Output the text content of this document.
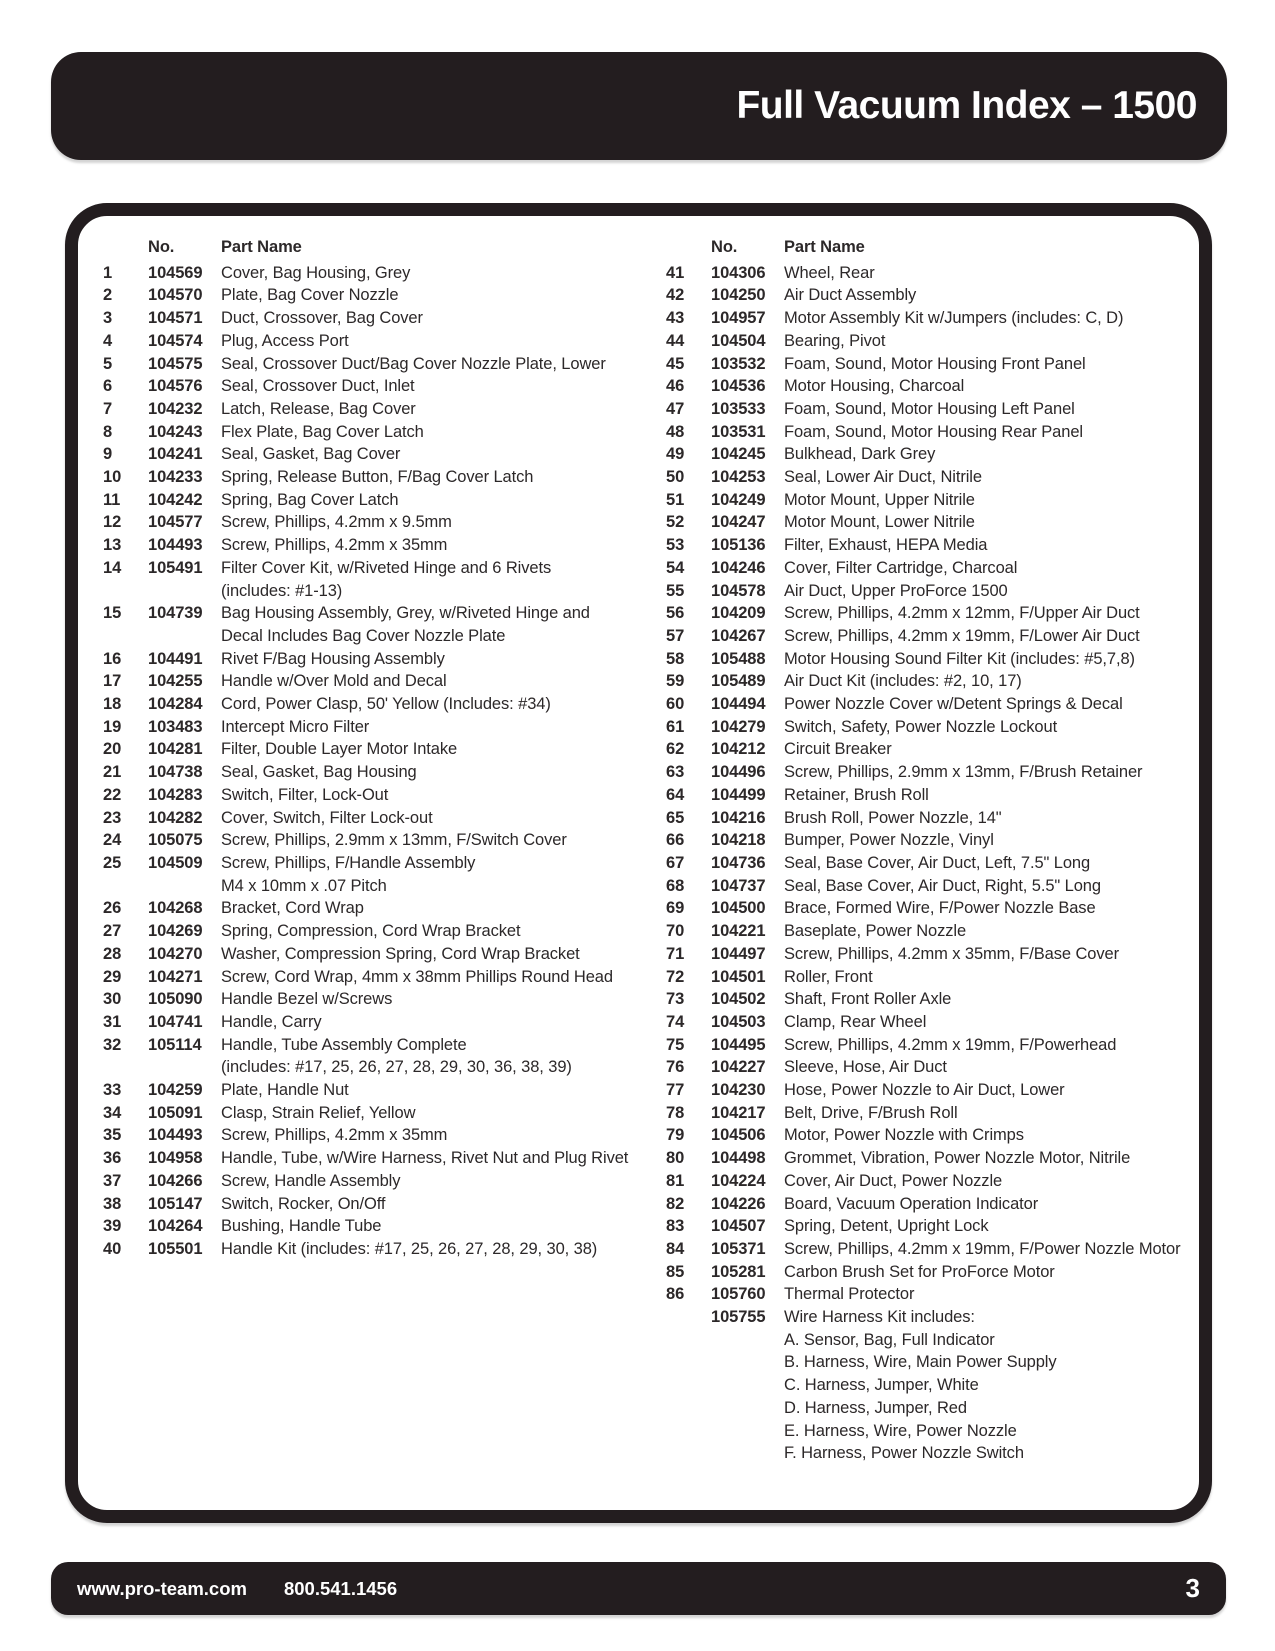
Full Vacuum Index – 1500
No.	Part Name
1	104569	Cover, Bag Housing, Grey
2	104570	Plate, Bag Cover Nozzle
3	104571	Duct, Crossover, Bag Cover
4	104574	Plug, Access Port
5	104575	Seal, Crossover Duct/Bag Cover Nozzle Plate, Lower
6	104576	Seal, Crossover Duct, Inlet
7	104232	Latch, Release, Bag Cover
8	104243	Flex Plate, Bag Cover Latch
9	104241	Seal, Gasket, Bag Cover
10	104233	Spring, Release Button, F/Bag Cover Latch
11	104242	Spring, Bag Cover Latch
12	104577	Screw, Phillips, 4.2mm x 9.5mm
13	104493	Screw, Phillips, 4.2mm x 35mm
14	105491	Filter Cover Kit, w/Riveted Hinge and 6 Rivets
(includes: #1-13)
15	104739	Bag Housing Assembly, Grey, w/Riveted Hinge and
Decal Includes Bag Cover Nozzle Plate
16	104491	Rivet F/Bag Housing Assembly
17	104255	Handle w/Over Mold and Decal
18	104284	Cord, Power Clasp, 50' Yellow (Includes: #34)
19	103483	Intercept Micro Filter
20	104281	Filter, Double Layer Motor Intake
21	104738	Seal, Gasket, Bag Housing
22	104283	Switch, Filter, Lock-Out
23	104282	Cover, Switch, Filter Lock-out
24	105075	Screw, Phillips, 2.9mm x 13mm, F/Switch Cover
25	104509	Screw, Phillips, F/Handle Assembly
M4 x 10mm x .07 Pitch
26	104268	Bracket, Cord Wrap
27	104269	Spring, Compression, Cord Wrap Bracket
28	104270	Washer, Compression Spring, Cord Wrap Bracket
29	104271	Screw, Cord Wrap, 4mm x 38mm Phillips Round Head
30	105090	Handle Bezel w/Screws
31	104741	Handle, Carry
32	105114	Handle, Tube Assembly Complete
(includes: #17, 25, 26, 27, 28, 29, 30, 36, 38, 39)
33	104259	Plate, Handle Nut
34	105091	Clasp, Strain Relief, Yellow
35	104493	Screw, Phillips, 4.2mm x 35mm
36	104958	Handle, Tube, w/Wire Harness, Rivet Nut and Plug Rivet
37	104266	Screw, Handle Assembly
38	105147	Switch, Rocker, On/Off
39	104264	Bushing, Handle Tube
40	105501	Handle Kit (includes: #17, 25, 26, 27, 28, 29, 30, 38)
No.	Part Name
41	104306	Wheel, Rear
42	104250	Air Duct Assembly
43	104957	Motor Assembly Kit w/Jumpers (includes: C, D)
44	104504	Bearing, Pivot
45	103532	Foam, Sound, Motor Housing Front Panel
46	104536	Motor Housing, Charcoal
47	103533	Foam, Sound, Motor Housing Left Panel
48	103531	Foam, Sound, Motor Housing Rear Panel
49	104245	Bulkhead, Dark Grey
50	104253	Seal, Lower Air Duct, Nitrile
51	104249	Motor Mount, Upper Nitrile
52	104247	Motor Mount, Lower Nitrile
53	105136	Filter, Exhaust, HEPA Media
54	104246	Cover, Filter Cartridge, Charcoal
55	104578	Air Duct, Upper ProForce 1500
56	104209	Screw, Phillips, 4.2mm x 12mm, F/Upper Air Duct
57	104267	Screw, Phillips, 4.2mm x 19mm, F/Lower Air Duct
58	105488	Motor Housing Sound Filter Kit (includes: #5,7,8)
59	105489	Air Duct Kit (includes: #2, 10, 17)
60	104494	Power Nozzle Cover w/Detent Springs & Decal
61	104279	Switch, Safety, Power Nozzle Lockout
62	104212	Circuit Breaker
63	104496	Screw, Phillips, 2.9mm x 13mm, F/Brush Retainer
64	104499	Retainer, Brush Roll
65	104216	Brush Roll, Power Nozzle, 14"
66	104218	Bumper, Power Nozzle, Vinyl
67	104736	Seal, Base Cover, Air Duct, Left, 7.5" Long
68	104737	Seal, Base Cover, Air Duct, Right, 5.5" Long
69	104500	Brace, Formed Wire, F/Power Nozzle Base
70	104221	Baseplate, Power Nozzle
71	104497	Screw, Phillips, 4.2mm x 35mm, F/Base Cover
72	104501	Roller, Front
73	104502	Shaft, Front Roller Axle
74	104503	Clamp, Rear Wheel
75	104495	Screw, Phillips, 4.2mm x 19mm, F/Powerhead
76	104227	Sleeve, Hose, Air Duct
77	104230	Hose, Power Nozzle to Air Duct, Lower
78	104217	Belt, Drive, F/Brush Roll
79	104506	Motor, Power Nozzle with Crimps
80	104498	Grommet, Vibration, Power Nozzle Motor, Nitrile
81	104224	Cover, Air Duct, Power Nozzle
82	104226	Board, Vacuum Operation Indicator
83	104507	Spring, Detent, Upright Lock
84	105371	Screw, Phillips, 4.2mm x 19mm, F/Power Nozzle Motor
85	105281	Carbon Brush Set for ProForce Motor
86	105760	Thermal Protector
105755	Wire Harness Kit includes:
A. Sensor, Bag, Full Indicator
B. Harness, Wire, Main Power Supply
C. Harness, Jumper, White
D. Harness, Jumper, Red
E. Harness, Wire, Power Nozzle
F. Harness, Power Nozzle Switch
www.pro-team.com 800.541.1456	3
